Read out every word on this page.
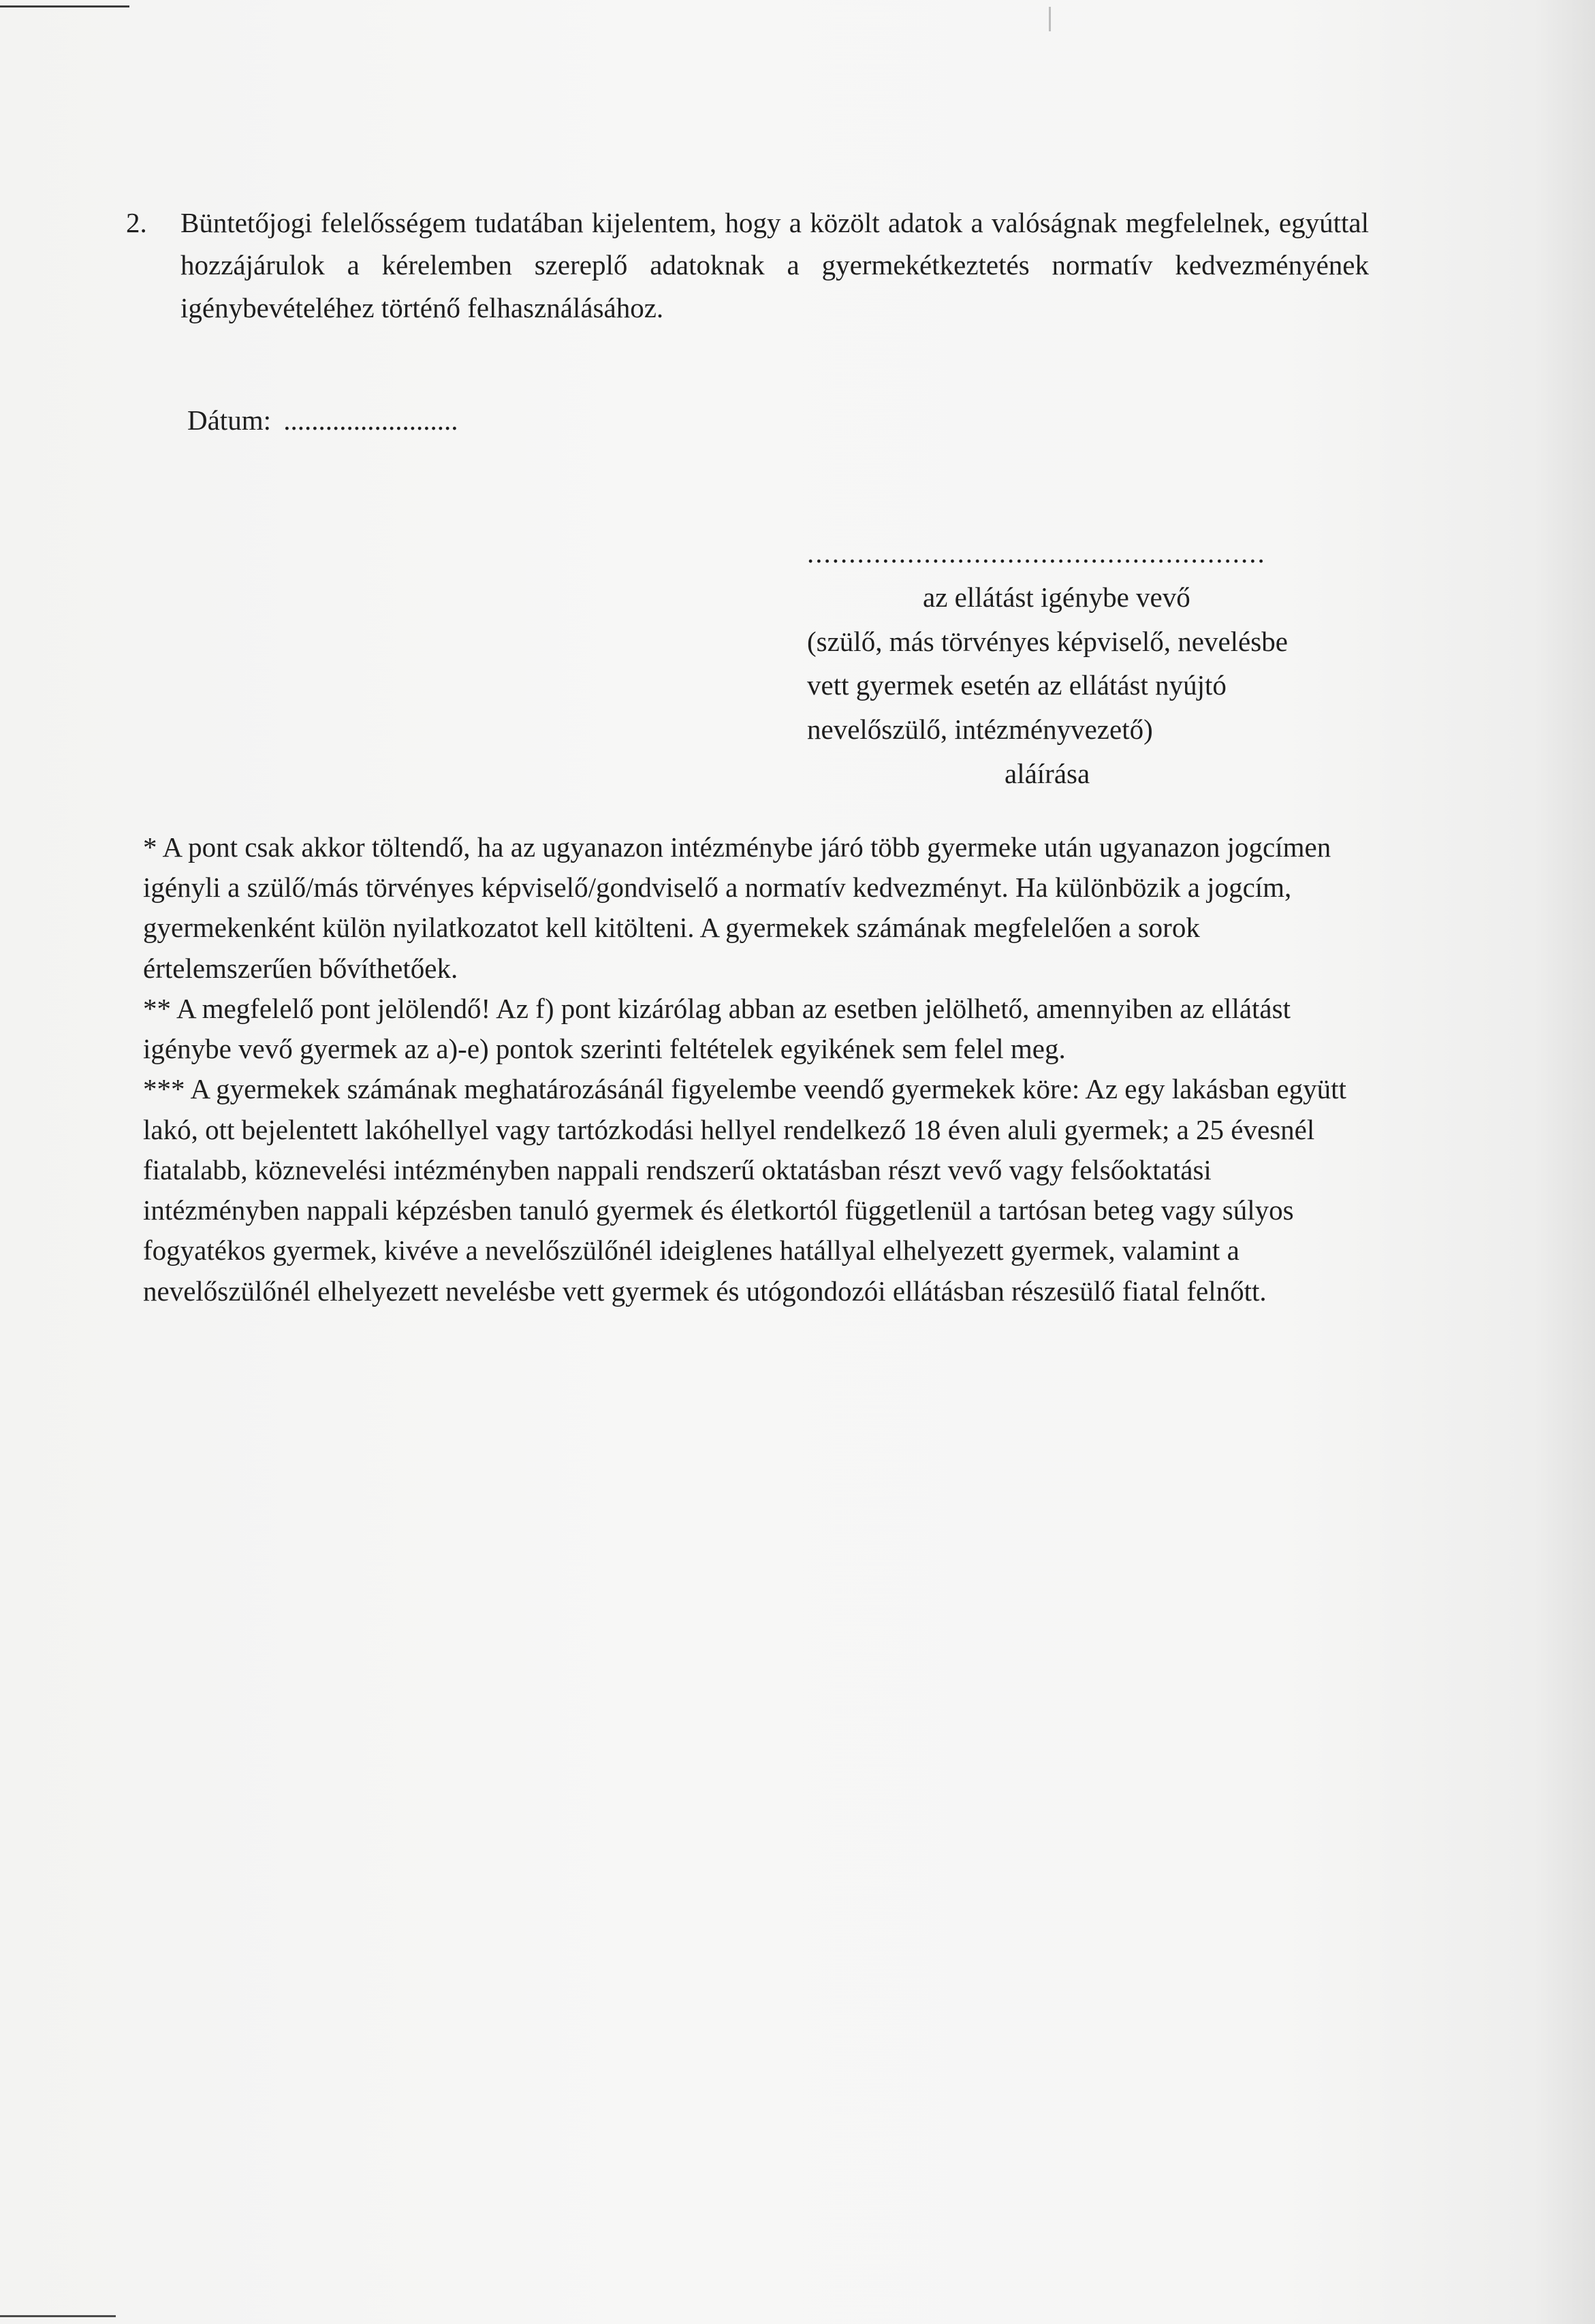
2. Büntetőjogi felelősségem tudatában kijelentem, hogy a közölt adatok a valóságnak megfelelnek, egyúttal hozzájárulok a kérelemben szereplő adatoknak a gyermekétkeztetés normatív kedvezményének igénybevételéhez történő felhasználásához.
Dátum: .........................
.......................................................
az ellátást igénybe vevő
(szülő, más törvényes képviselő, nevelésbe
vett gyermek esetén az ellátást nyújtó
nevelőszülő, intézményvezető)
aláírása

* A pont csak akkor töltendő, ha az ugyanazon intézménybe járó több gyermeke után ugyanazon jogcímen igényli a szülő/más törvényes képviselő/gondviselő a normatív kedvezményt. Ha különbözik a jogcím, gyermekenként külön nyilatkozatot kell kitölteni. A gyermekek számának megfelelően a sorok értelemszerűen bővíthetőek.

** A megfelelő pont jelölendő! Az f) pont kizárólag abban az esetben jelölhető, amennyiben az ellátást igénybe vevő gyermek az a)-e) pontok szerinti feltételek egyikének sem felel meg.

*** A gyermekek számának meghatározásánál figyelembe veendő gyermekek köre: Az egy lakásban együtt lakó, ott bejelentett lakóhellyel vagy tartózkodási hellyel rendelkező 18 éven aluli gyermek; a 25 évesnél fiatalabb, köznevelési intézményben nappali rendszerű oktatásban részt vevő vagy felsőoktatási intézményben nappali képzésben tanuló gyermek és életkortól függetlenül a tartósan beteg vagy súlyos fogyatékos gyermek, kivéve a nevelőszülőnél ideiglenes hatállyal elhelyezett gyermek, valamint a nevelőszülőnél elhelyezett nevelésbe vett gyermek és utógondozói ellátásban részesülő fiatal felnőtt.
